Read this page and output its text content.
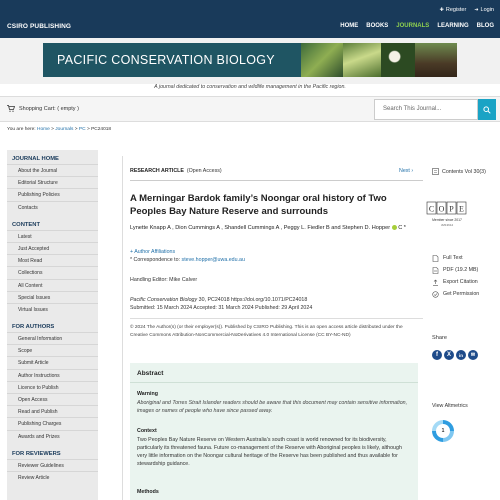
CSIRO PUBLISHING
✚ Register ➜ Login
HOME BOOKS JOURNALS LEARNING BLOG
PACIFIC CONSERVATION BIOLOGY
A journal dedicated to conservation and wildlife management in the Pacific region.
Shopping Cart: ( empty )	Search This Journal...
You are here: Home > Journals > PC > PC24018
JOURNAL HOME
About the Journal
Editorial Structure
Publishing Policies
Contacts
CONTENT
Latest
Just Accepted
Most Read
Collections
All Content
Special Issues
Virtual Issues
FOR AUTHORS
General Information
Scope
Submit Article
Author Instructions
Licence to Publish
Open Access
Read and Publish
Publishing Charges
Awards and Prizes
FOR REVIEWERS
Reviewer Guidelines
Review Article
RESEARCH ARTICLE (Open Access)	Next ›
A Merningar Bardok family’s Noongar oral history of Two Peoples Bay Nature Reserve and surrounds
Lynette Knapp A , Dion Cummings A , Shandell Cummings A , Peggy L. Fiedler B and Stephen D. Hopper C *
+ Author Affiliations
* Correspondence to: steve.hopper@uwa.edu.au
Handling Editor: Mike Calver
Pacific Conservation Biology 30, PC24018 https://doi.org/10.1071/PC24018
Submitted: 15 March 2024 Accepted: 31 March 2024 Published: 29 April 2024
© 2024 The Author(s) (or their employer(s)). Published by CSIRO Publishing. This is an open access article distributed under the Creative Commons Attribution-NonCommercial-NoDerivatives 4.0 International License (CC BY-NC-ND)
Abstract
Warning
Aboriginal and Torres Strait Islander readers should be aware that this document may contain sensitive information, images or names of people who have since passed away.
Context
Two Peoples Bay Nature Reserve on Western Australia’s south coast is world renowned for its biodiversity, particularly its threatened fauna. Future co-management of the Reserve with Aboriginal peoples is likely, although very little information on the Noongar cultural heritage of the Reserve has been published and thus available for stewardship guidance.
Methods
Contents Vol 30(3)
C O P E
Member since 2017
JM13612
Full Text
PDF (19.2 MB)
Export Citation
Get Permission
Share
f	X	in	✉
View Altmetrics
1
